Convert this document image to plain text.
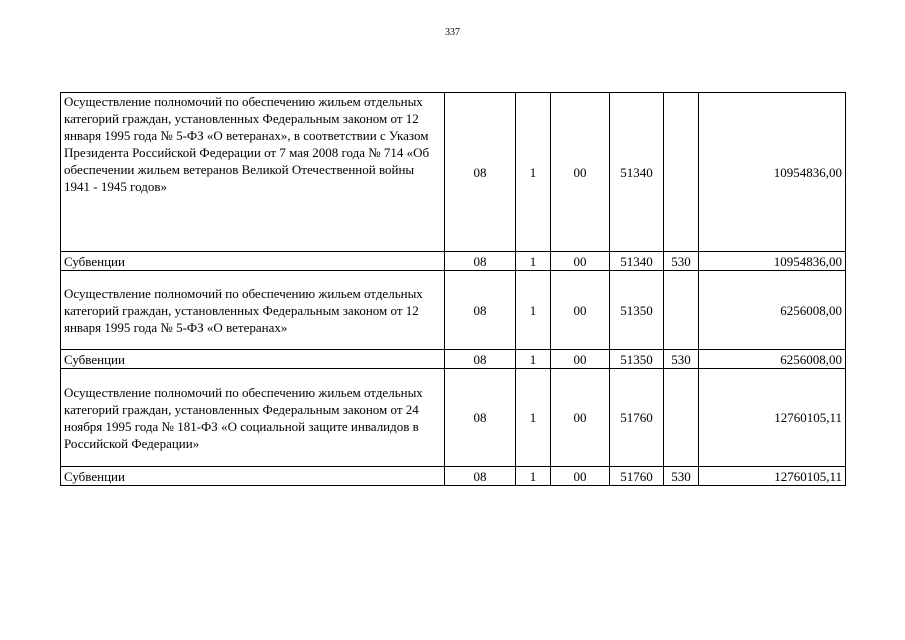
337
Осуществление полномочий по обеспечению жильем отдельных категорий граждан, установленных Федеральным законом от 12 января 1995 года № 5-ФЗ «О ветеранах», в соответствии с Указом Президента Российской Федерации от 7 мая 2008 года № 714 «Об обеспечении жильем ветеранов Великой Отечественной войны 1941 - 1945 годов»	08	1	00	51340		10954836,00
Субвенции	08	1	00	51340	530	10954836,00
Осуществление полномочий по обеспечению жильем отдельных категорий граждан, установленных Федеральным законом от 12 января 1995 года № 5-ФЗ «О ветеранах»	08	1	00	51350		6256008,00
Субвенции	08	1	00	51350	530	6256008,00
Осуществление полномочий по обеспечению жильем отдельных категорий граждан, установленных Федеральным законом от 24 ноября 1995 года № 181-ФЗ «О социальной защите инвалидов в Российской Федерации»	08	1	00	51760		12760105,11
Субвенции	08	1	00	51760	530	12760105,11
